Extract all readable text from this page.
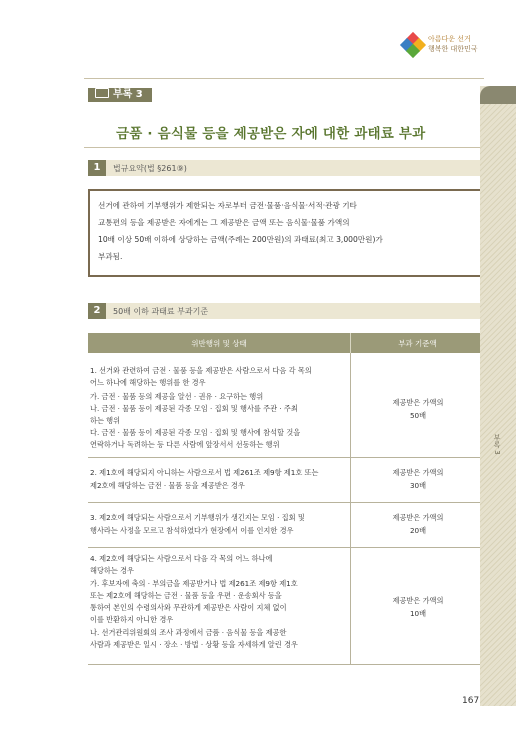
아름다운 선거
행복한 대한민국
부록 3
금품 · 음식물 등을 제공받은 자에 대한 과태료 부과
1	법규요약(법 §261⑨)
선거에 관하여 기부행위가 제한되는 자로부터 금전·물품·음식물·서적·관광 기타
교통편의 등을 제공받은 자에게는 그 제공받은 금액 또는 음식물·물품 가액의
10배 이상 50배 이하에 상당하는 금액(주례는 200만원)의 과태료(최고 3,000만원)가
부과됨.
2	50배 이하 과태료 부과기준
위반행위 및 상태	부과 기준액
1. 선거와 관련하여 금전 · 물품 등을 제공받은 사람으로서 다음 각 목의
어느 하나에 해당하는 행위를 한 경우
가. 금전 · 물품 등의 제공을 알선 · 권유 · 요구하는 행위
나. 금전 · 물품 등이 제공된 각종 모임 · 집회 및 행사를 주관 · 주최
하는 행위
다. 금전 · 물품 등이 제공된 각종 모임 · 집회 및 행사에 참석할 것을
연락하거나 독려하는 등 다른 사람에 앞장서서 선동하는 행위
제공받은 가액의
50배
2. 제1호에 해당되지 아니하는 사람으로서 법 제261조 제9항 제1호 또는
제2호에 해당하는 금전 · 물품 등을 제공받은 경우
제공받은 가액의
30배
3. 제2호에 해당되는 사람으로서 기부행위가 생긴지는 모임 · 집회 및
행사라는 사정을 모르고 참석하였다가 현장에서 이를 인지한 경우
제공받은 가액의
20배
4. 제2호에 해당되는 사람으로서 다음 각 목의 어느 하나에
해당하는 경우
가. 후보자에 축의 · 부의금을 제공받거나 법 제261조 제9항 제1호
또는 제2호에 해당하는 금전 · 물품 등을 우편 · 운송회사 등을
통하여 본인의 수령의사와 무관하게 제공받은 사람이 지체 없이
이를 반환하지 아니한 경우
나. 선거관리위원회의 조사 과정에서 금품 · 음식물 등을 제공한
사람과 제공받은 일시 · 장소 · 방법 · 상황 등을 자세하게 알린 경우
제공받은 가액의
10배
부록 3
167
